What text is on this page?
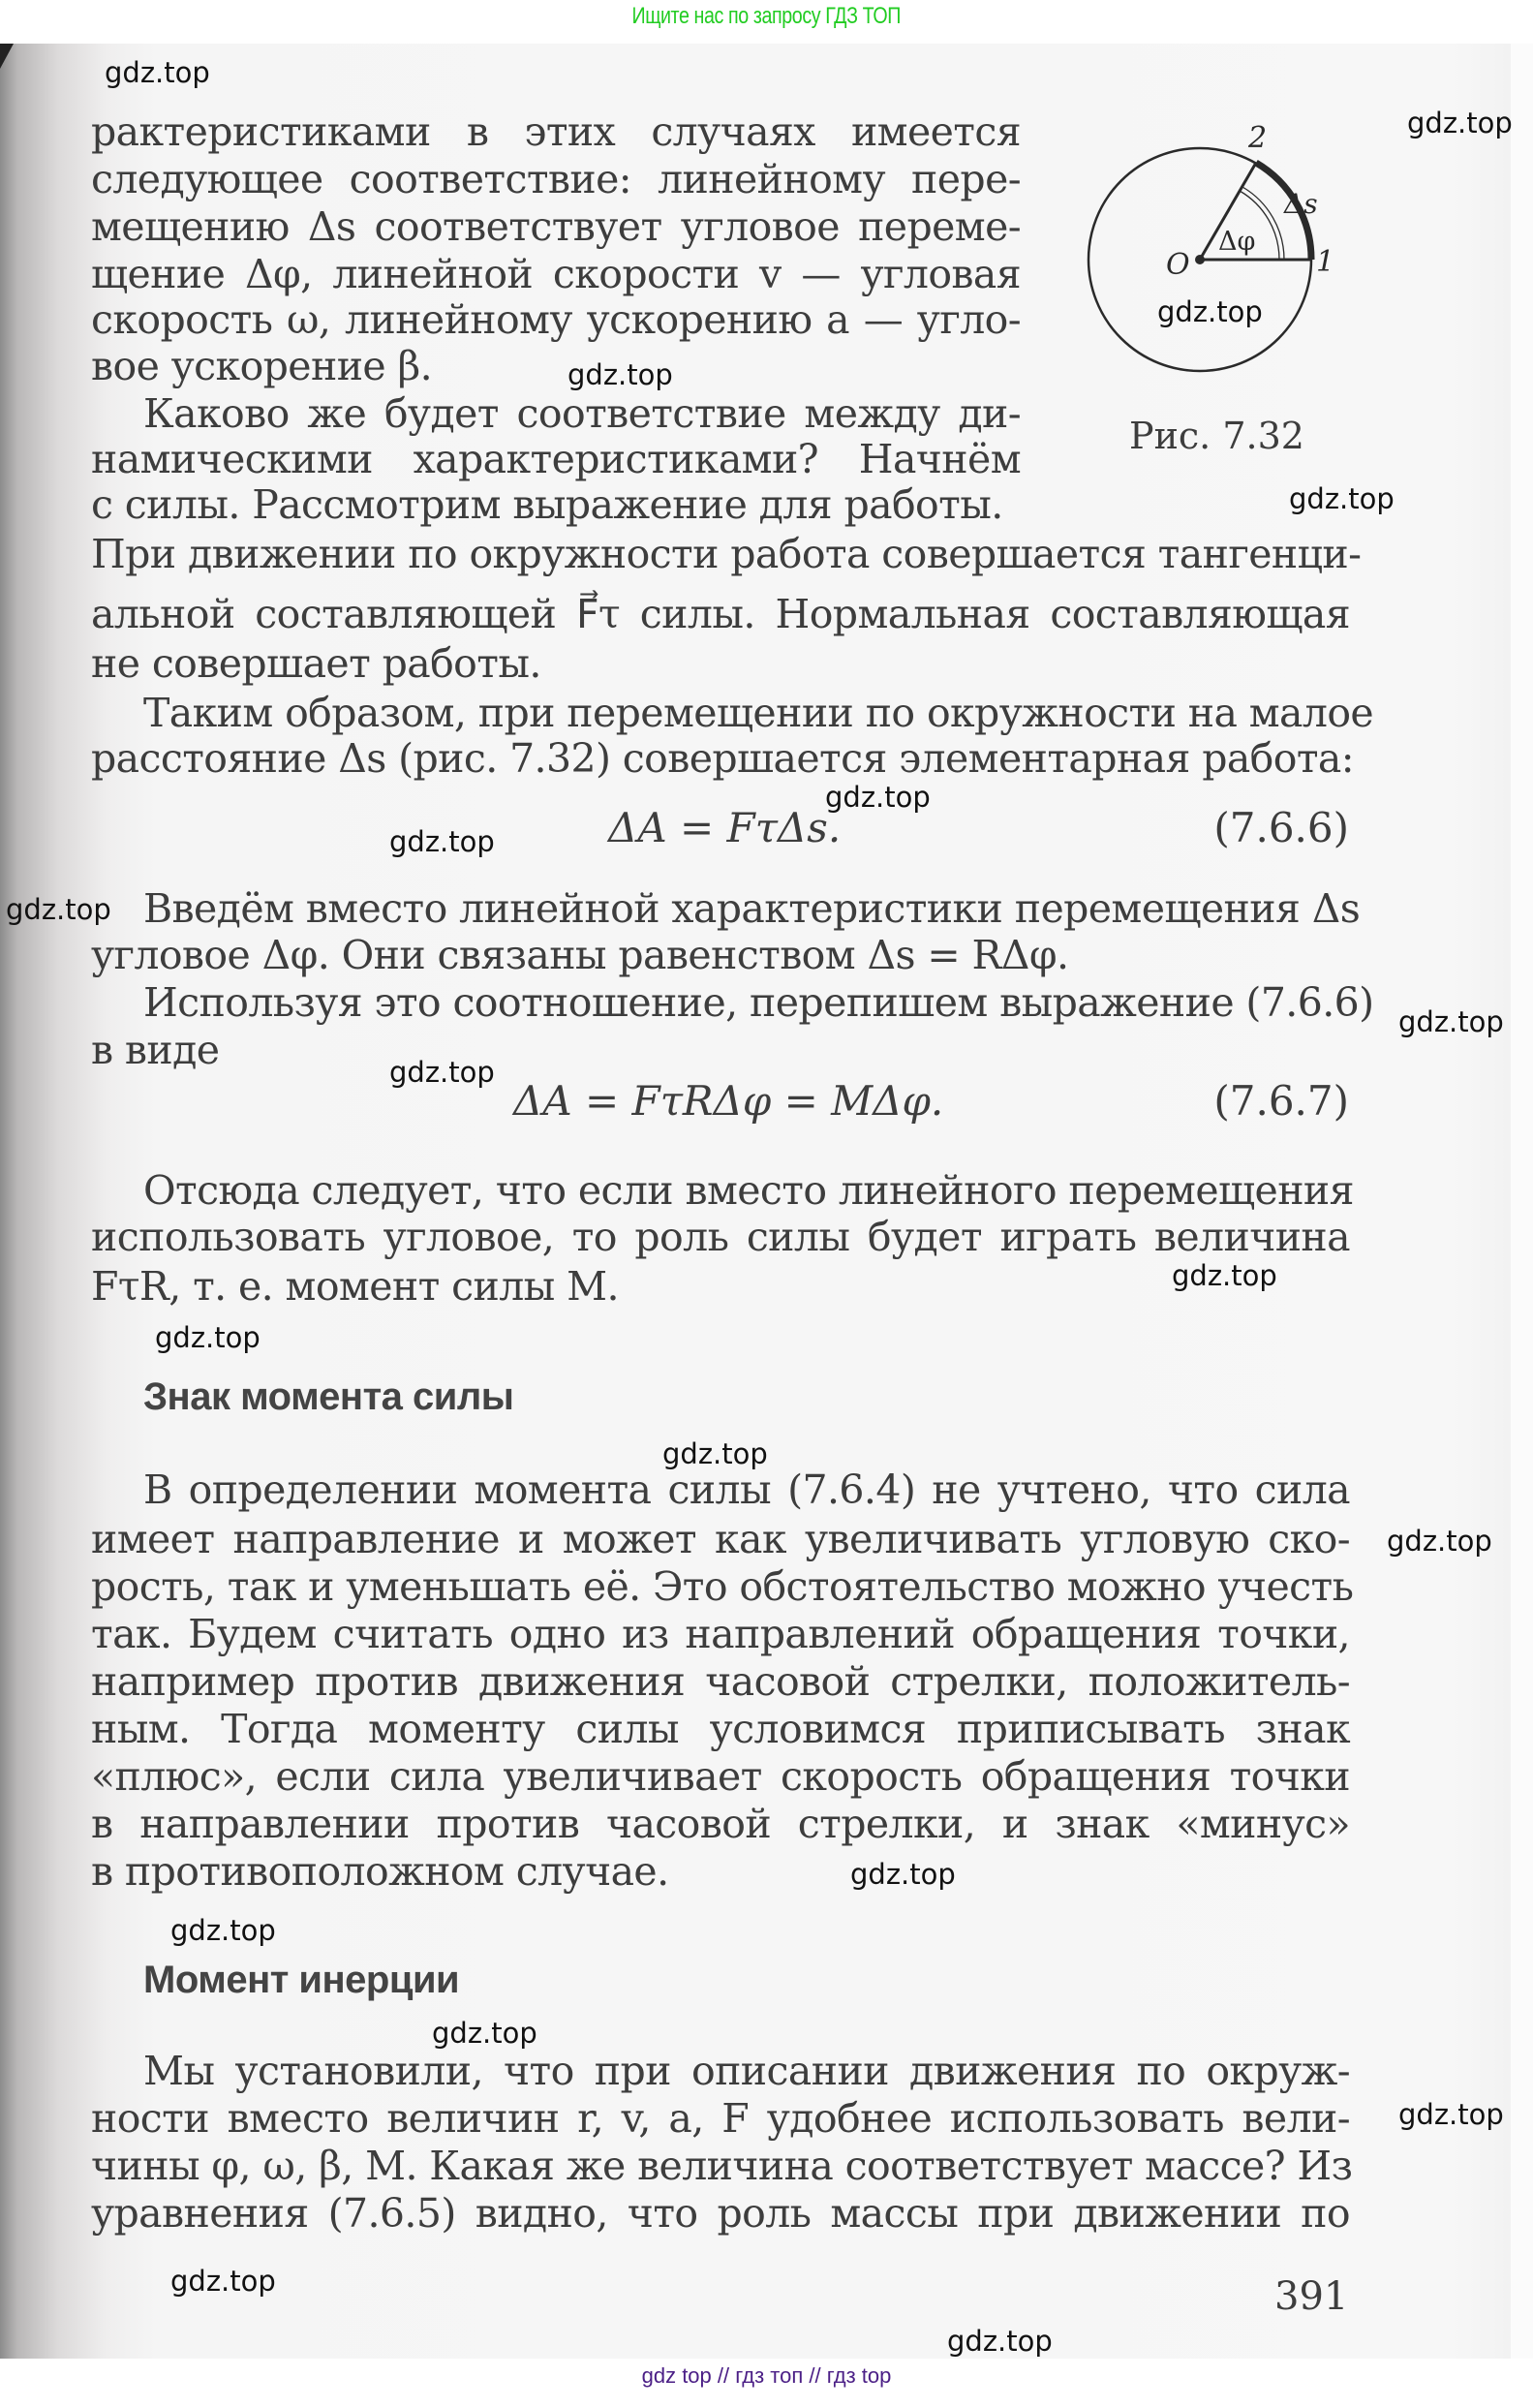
Ищите нас по запросу ГДЗ ТОП
2
1
O
Δs
Δφ
Рис. 7.32
рактеристиками в этих случаях имеется
следующее соответствие: линейному пере-
мещению Δs соответствует угловое переме-
щение Δφ, линейной скорости v — угловая
скорость ω, линейному ускорению a — угло-
вое ускорение β.
Каково же будет соответствие между ди-
намическими характеристиками? Начнём
с силы. Рассмотрим выражение для работы.
При движении по окружности работа совершается тангенци-
альной составляющей F⃗τ силы. Нормальная составляющая
не совершает работы.
Таким образом, при перемещении по окружности на малое
расстояние Δs (рис. 7.32) совершается элементарная работа:
ΔA = FτΔs.	(7.6.6)
Введём вместо линейной характеристики перемещения Δs
угловое Δφ. Они связаны равенством Δs = RΔφ.
Используя это соотношение, перепишем выражение (7.6.6)
в виде
ΔA = FτRΔφ = MΔφ.	(7.6.7)
Отсюда следует, что если вместо линейного перемещения
использовать угловое, то роль силы будет играть величина
FτR, т. е. момент силы M.
Знак момента силы
В определении момента силы (7.6.4) не учтено, что сила
имеет направление и может как увеличивать угловую ско-
рость, так и уменьшать её. Это обстоятельство можно учесть
так. Будем считать одно из направлений обращения точки,
например против движения часовой стрелки, положитель-
ным. Тогда моменту силы условимся приписывать знак
«плюс», если сила увеличивает скорость обращения точки
в направлении против часовой стрелки, и знак «минус»
в противоположном случае.
Момент инерции
Мы установили, что при описании движения по окруж-
ности вместо величин r, v, a, F удобнее использовать вели-
чины φ, ω, β, M. Какая же величина соответствует массе? Из
уравнения (7.6.5) видно, что роль массы при движении по
391
gdz.top
gdz.top
gdz.top
gdz.top
gdz.top
gdz.top
gdz.top
gdz.top
gdz.top
gdz.top
gdz.top
gdz.top
gdz.top
gdz.top
gdz.top
gdz.top
gdz.top
gdz.top
gdz.top
gdz.top
gdz top // гдз топ // гдз top
